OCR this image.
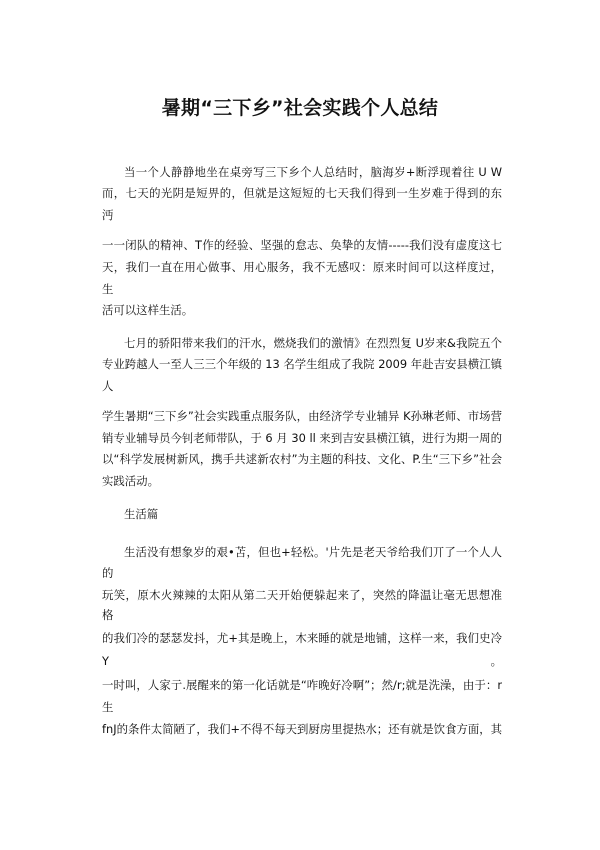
暑期“三下乡”社会实践个人总结
当一个人静静地坐在桌旁写三下乡个人总结时，脑海岁+断浮现着往 U W
而，七天的光阴是短畀的，但就是这短短的七天我们得到一生岁难于得到的东
沔
一一闭队的精神、T作的经验、坚强的怠志、奂挚的友情-----我们没有虚度这七
天，我们一直在用心做事、用心服务，我不无感叹：原来时间可以这样度过，
生
活可以这样生活。
七月的骄阳带来我们的汗水，燃烧我们的激情》在烈烈复 U岁来&我院五个
专业跨越人一至人三三个年级的 13 名学生组成了我院 2009 年赴吉安县横江镇
人
学生暑期“三下乡”社会实践重点服务队，由经济学专业辅异 K孙琳老师、市场营
销专业辅导员今钊老师带队，于 6 月 30 ll 来到吉安县横江镇，进行为期一周的
以“科学发展树新风，携手共逑新农村”为主题的科技、文化、P.生“三下乡”社会
实践活动。
生活篇
生活没有想象岁的艰•苫，但也+轻松。'片先是老天爷给我们丌了一个人人
的
玩笑，原木火辣辣的太阳从第二天开始便躲起来了，突然的降温让毫无思想准
格
的我们冷的瑟瑟发抖，尤+其是晚上，木来睡的就是地铺，这样一来，我们史冷
Y 。
一时叫，人家亍.展醒来的第一化话就是“咋晚好冷啊”；然/r;就是洗澡，由于：r
生
fnJ的条件太简陋了，我们+不得不每天到厨房里提热水；还有就是饮食方面，其
